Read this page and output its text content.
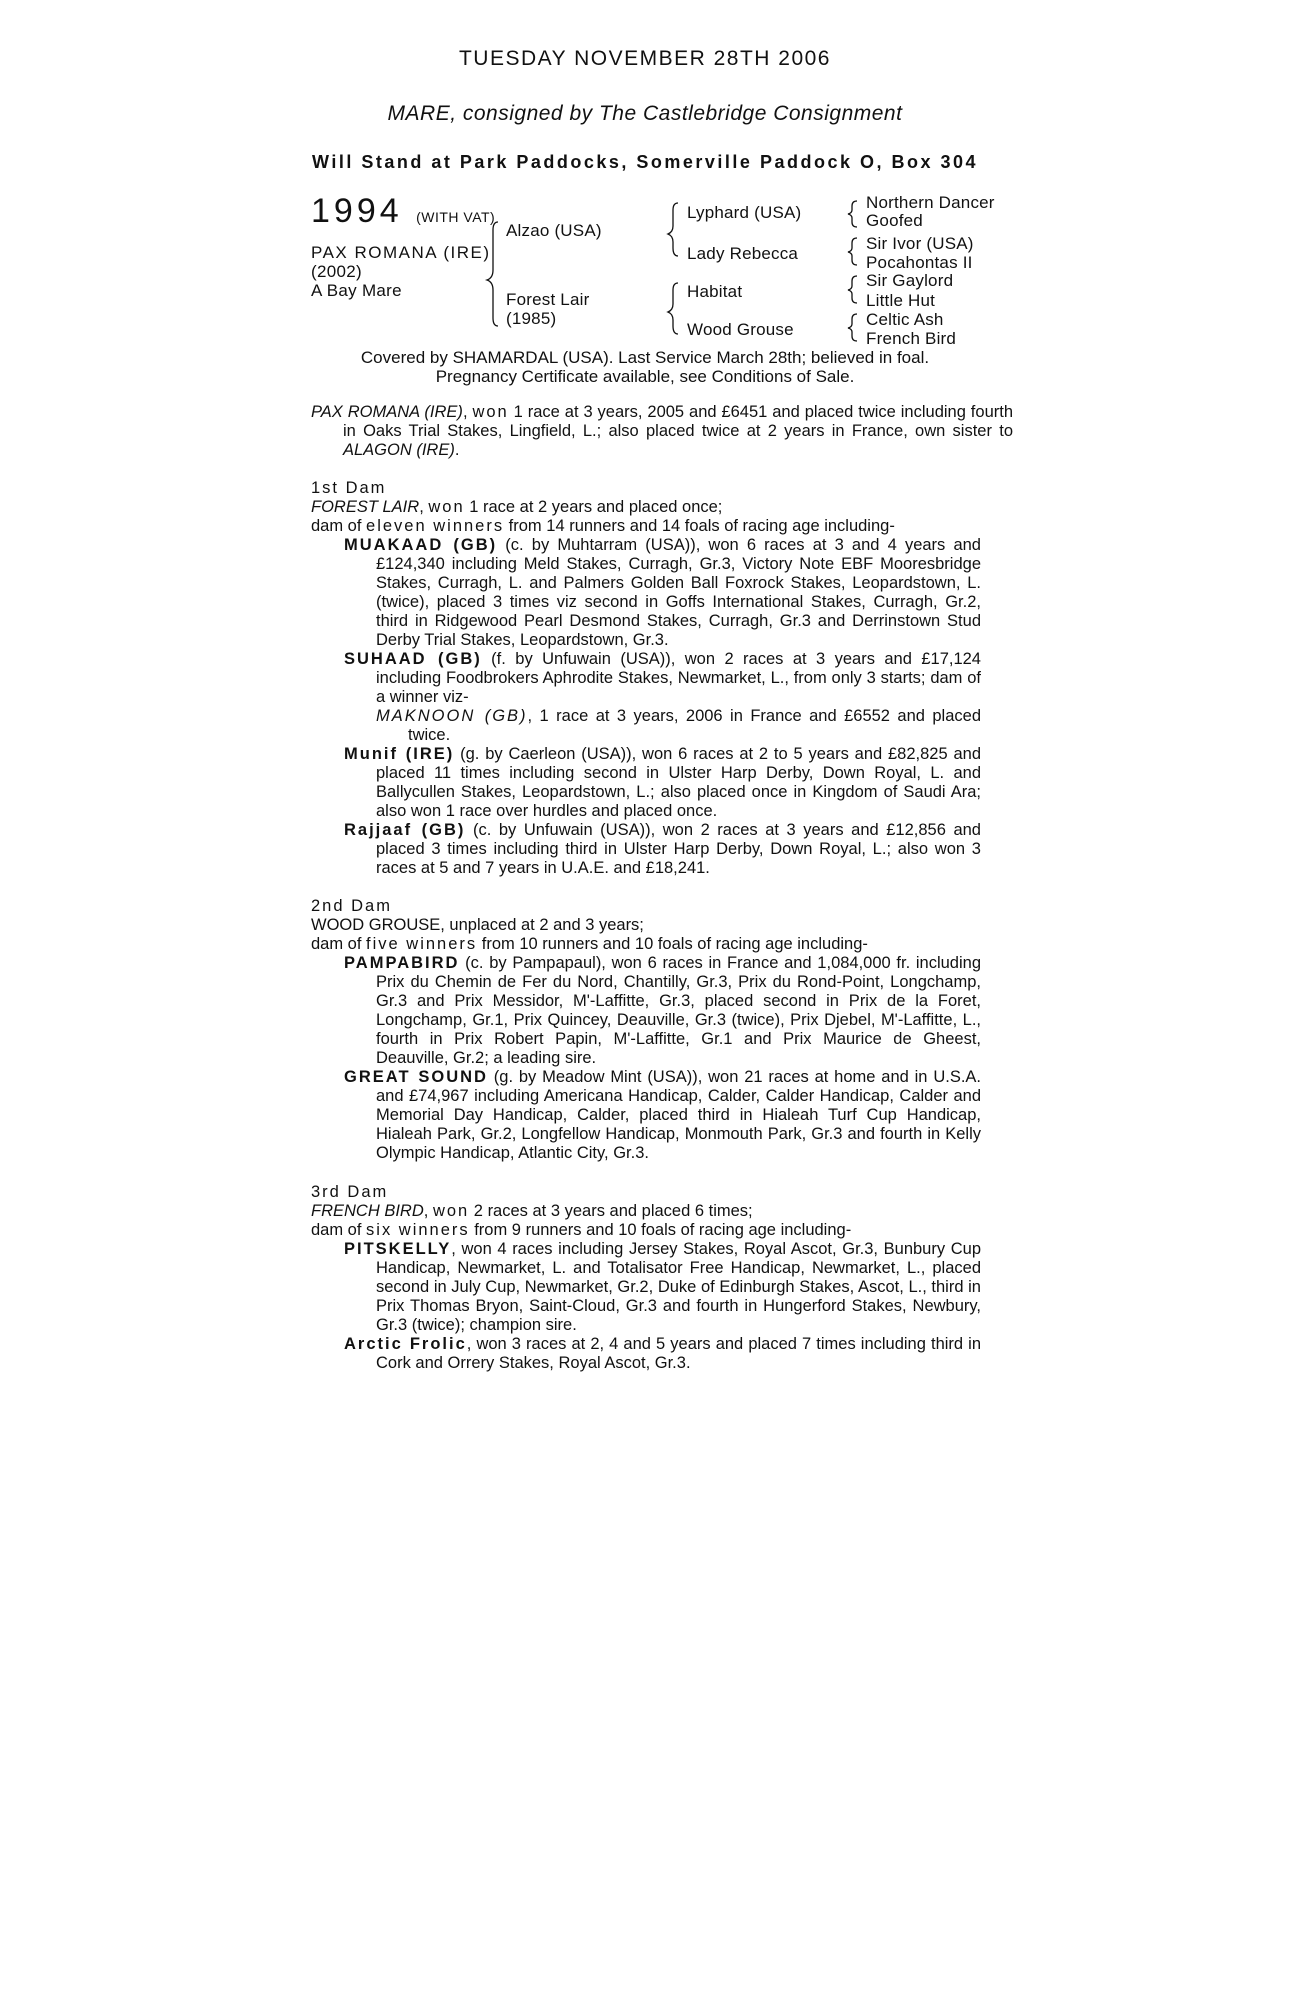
TUESDAY NOVEMBER 28TH 2006
MARE, consigned by The Castlebridge Consignment
Will Stand at Park Paddocks, Somerville Paddock O, Box 304
1994 (WITH VAT)
PAX ROMANA (IRE)
(2002)
A Bay Mare
Alzao (USA)
Forest Lair
(1985)
Lyphard (USA)
Lady Rebecca
Habitat
Wood Grouse
Northern Dancer
Goofed
Sir Ivor (USA)
Pocahontas II
Sir Gaylord
Little Hut
Celtic Ash
French Bird
Covered by SHAMARDAL (USA). Last Service March 28th; believed in foal.
Pregnancy Certificate available, see Conditions of Sale.
PAX ROMANA (IRE), won 1 race at 3 years, 2005 and £6451 and placed twice including fourth in Oaks Trial Stakes, Lingfield, L.; also placed twice at 2 years in France, own sister to ALAGON (IRE).
1st Dam
FOREST LAIR, won 1 race at 2 years and placed once;
dam of eleven winners from 14 runners and 14 foals of racing age including-
MUAKAAD (GB) (c. by Muhtarram (USA)), won 6 races at 3 and 4 years and £124,340 including Meld Stakes, Curragh, Gr.3, Victory Note EBF Mooresbridge Stakes, Curragh, L. and Palmers Golden Ball Foxrock Stakes, Leopardstown, L. (twice), placed 3 times viz second in Goffs International Stakes, Curragh, Gr.2, third in Ridgewood Pearl Desmond Stakes, Curragh, Gr.3 and Derrinstown Stud Derby Trial Stakes, Leopardstown, Gr.3.
SUHAAD (GB) (f. by Unfuwain (USA)), won 2 races at 3 years and £17,124 including Foodbrokers Aphrodite Stakes, Newmarket, L., from only 3 starts; dam of a winner viz-
MAKNOON (GB), 1 race at 3 years, 2006 in France and £6552 and placed twice.
Munif (IRE) (g. by Caerleon (USA)), won 6 races at 2 to 5 years and £82,825 and placed 11 times including second in Ulster Harp Derby, Down Royal, L. and Ballycullen Stakes, Leopardstown, L.; also placed once in Kingdom of Saudi Ara; also won 1 race over hurdles and placed once.
Rajjaaf (GB) (c. by Unfuwain (USA)), won 2 races at 3 years and £12,856 and placed 3 times including third in Ulster Harp Derby, Down Royal, L.; also won 3 races at 5 and 7 years in U.A.E. and £18,241.
2nd Dam
WOOD GROUSE, unplaced at 2 and 3 years;
dam of five winners from 10 runners and 10 foals of racing age including-
PAMPABIRD (c. by Pampapaul), won 6 races in France and 1,084,000 fr. including Prix du Chemin de Fer du Nord, Chantilly, Gr.3, Prix du Rond-Point, Longchamp, Gr.3 and Prix Messidor, M'-Laffitte, Gr.3, placed second in Prix de la Foret, Longchamp, Gr.1, Prix Quincey, Deauville, Gr.3 (twice), Prix Djebel, M'-Laffitte, L., fourth in Prix Robert Papin, M'-Laffitte, Gr.1 and Prix Maurice de Gheest, Deauville, Gr.2; a leading sire.
GREAT SOUND (g. by Meadow Mint (USA)), won 21 races at home and in U.S.A. and £74,967 including Americana Handicap, Calder, Calder Handicap, Calder and Memorial Day Handicap, Calder, placed third in Hialeah Turf Cup Handicap, Hialeah Park, Gr.2, Longfellow Handicap, Monmouth Park, Gr.3 and fourth in Kelly Olympic Handicap, Atlantic City, Gr.3.
3rd Dam
FRENCH BIRD, won 2 races at 3 years and placed 6 times;
dam of six winners from 9 runners and 10 foals of racing age including-
PITSKELLY, won 4 races including Jersey Stakes, Royal Ascot, Gr.3, Bunbury Cup Handicap, Newmarket, L. and Totalisator Free Handicap, Newmarket, L., placed second in July Cup, Newmarket, Gr.2, Duke of Edinburgh Stakes, Ascot, L., third in Prix Thomas Bryon, Saint-Cloud, Gr.3 and fourth in Hungerford Stakes, Newbury, Gr.3 (twice); champion sire.
Arctic Frolic, won 3 races at 2, 4 and 5 years and placed 7 times including third in Cork and Orrery Stakes, Royal Ascot, Gr.3.
